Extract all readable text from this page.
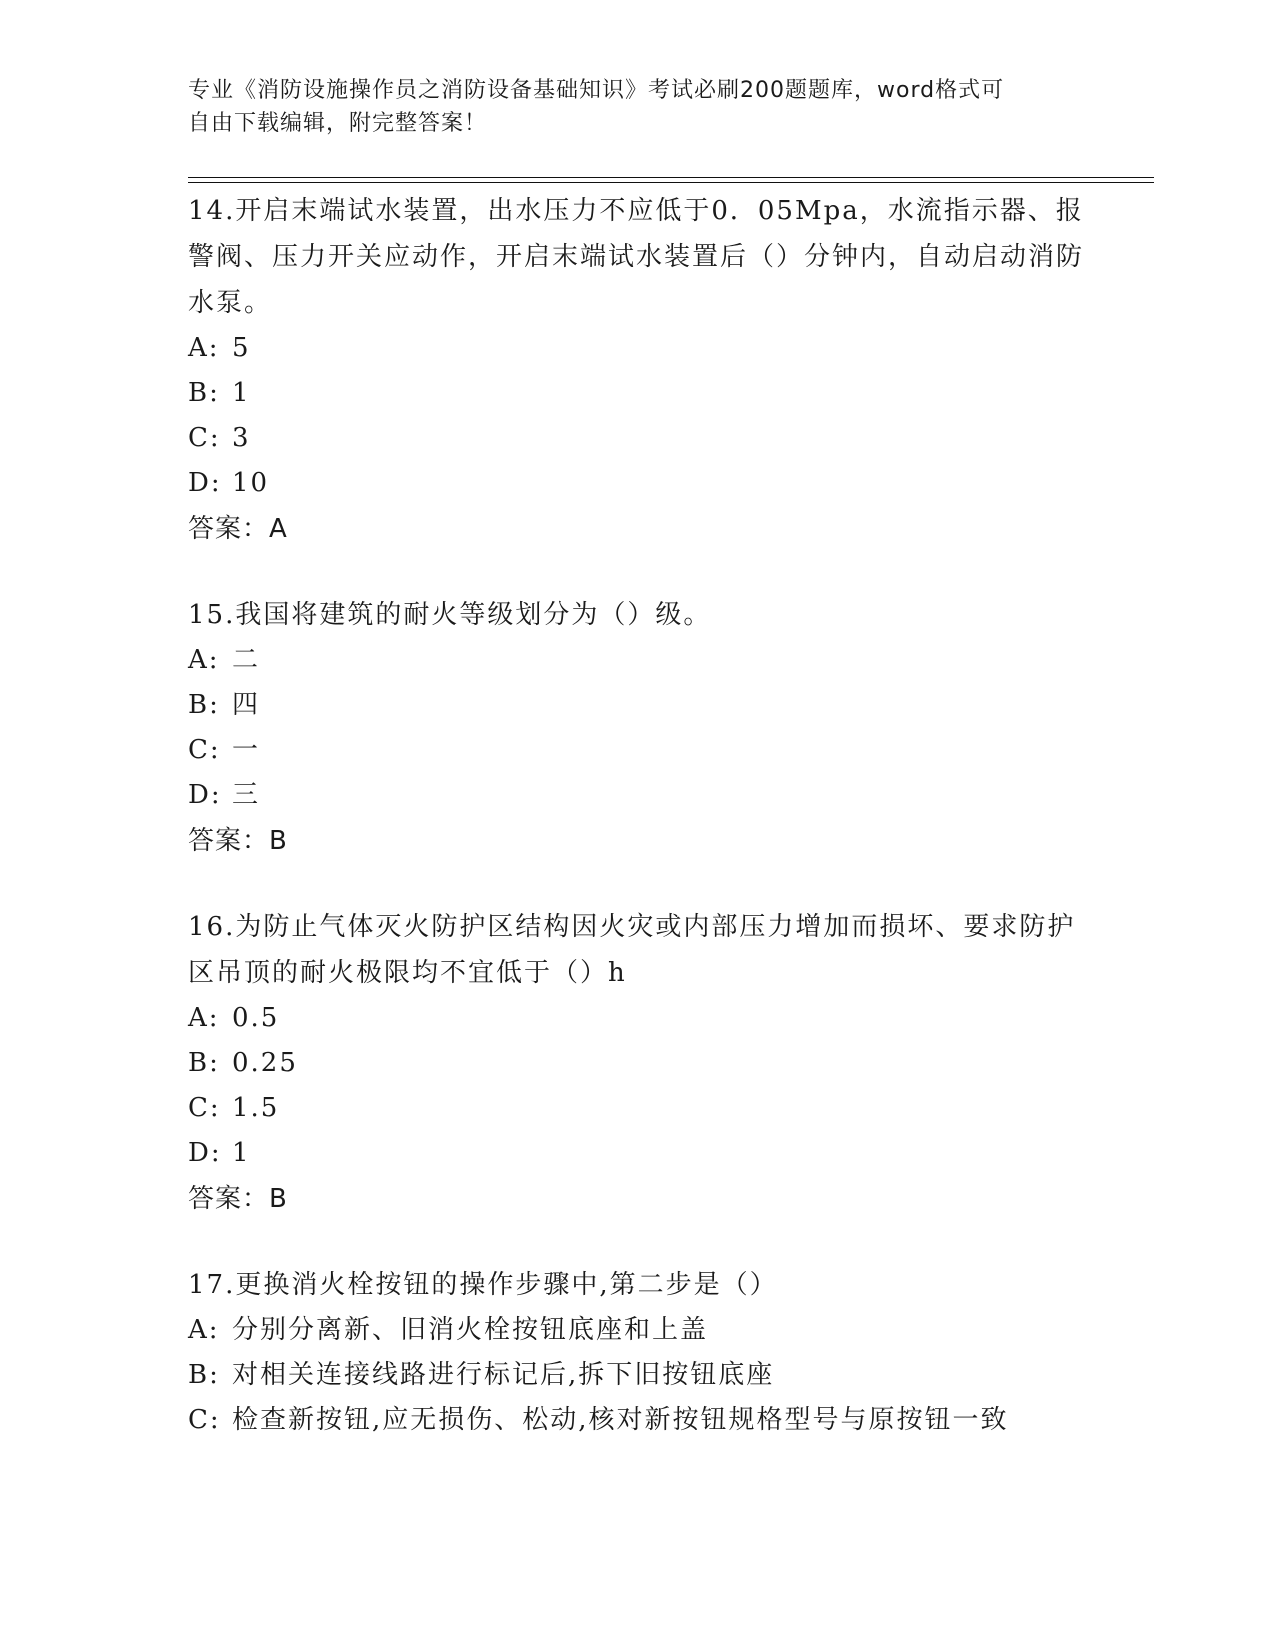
专业《消防设施操作员之消防设备基础知识》考试必刷200题题库，word格式可
自由下载编辑，附完整答案！
14.开启末端试水装置，出水压力不应低于0．05Mpa，水流指示器、报警阀、压力开关应动作，开启末端试水装置后（）分钟内，自动启动消防水泵。
A: 5
B: 1
C: 3
D: 10
答案：A
15.我国将建筑的耐火等级划分为（）级。
A: 二
B: 四
C: 一
D: 三
答案：B
16.为防止气体灭火防护区结构因火灾或内部压力增加而损坏、要求防护区吊顶的耐火极限均不宜低于（）h
A: 0.5
B: 0.25
C: 1.5
D: 1
答案：B
17.更换消火栓按钮的操作步骤中,第二步是（）
A: 分别分离新、旧消火栓按钮底座和上盖
B: 对相关连接线路进行标记后,拆下旧按钮底座
C: 检查新按钮,应无损伤、松动,核对新按钮规格型号与原按钮一致
